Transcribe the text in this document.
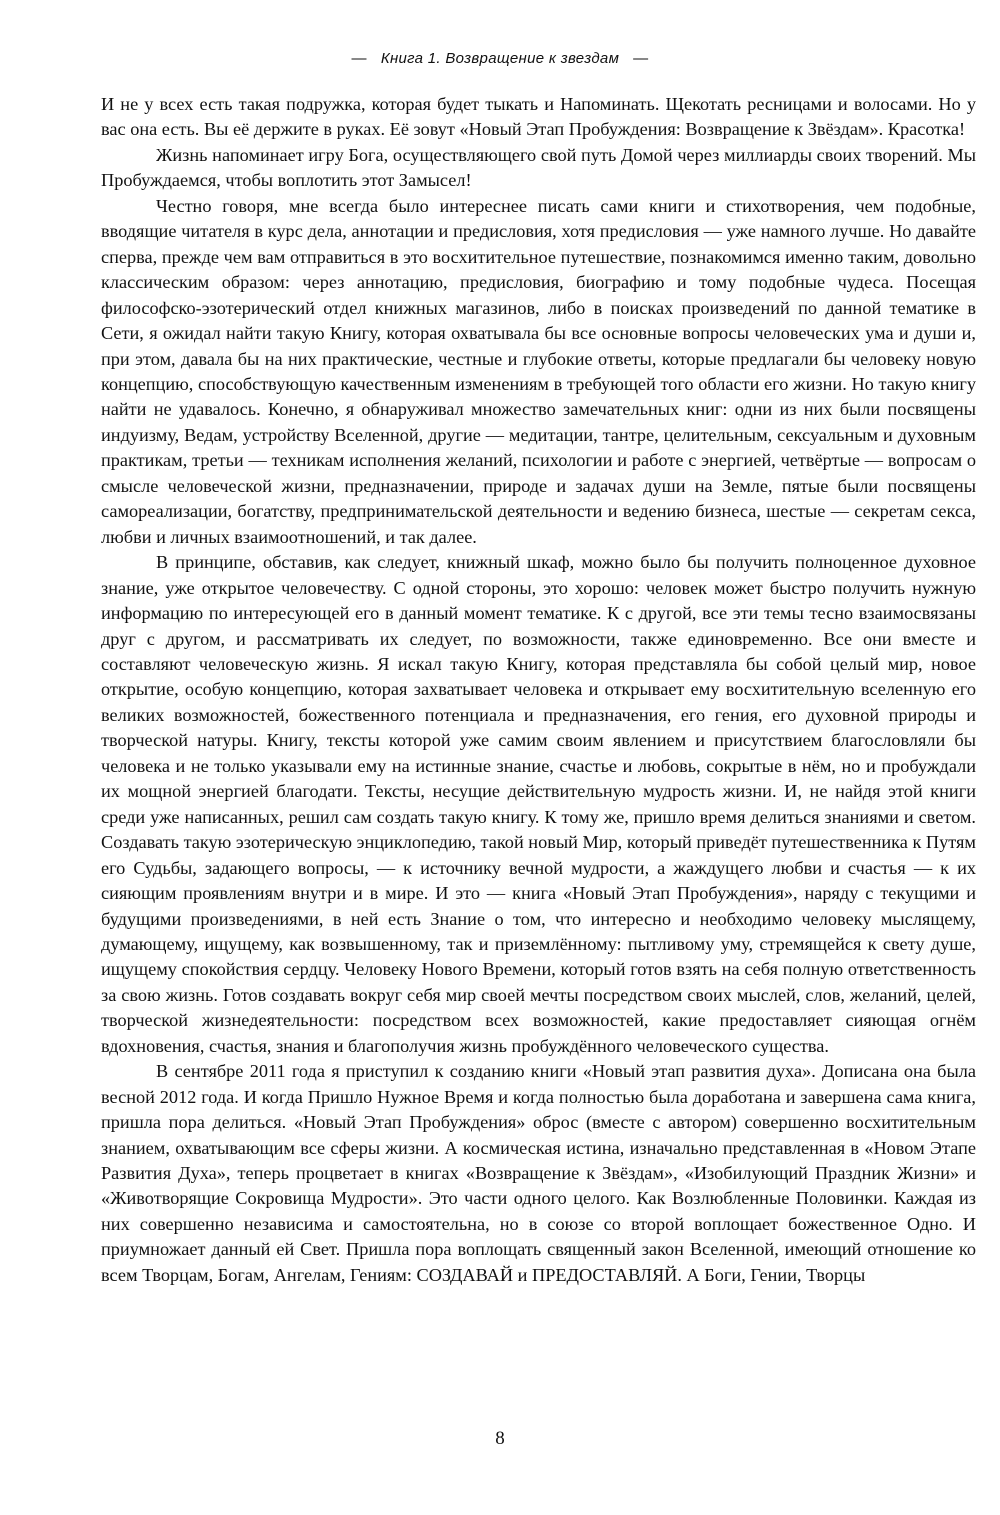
— Книга 1. Возвращение к звездам —

И не у всех есть такая подружка, которая будет тыкать и Напоминать. Щекотать ресницами и волосами. Но у вас она есть. Вы её держите в руках. Её зовут «Новый Этап Пробуждения: Возвращение к Звёздам». Красотка!

Жизнь напоминает игру Бога, осуществляющего свой путь Домой через миллиарды своих творений. Мы Пробуждаемся, чтобы воплотить этот Замысел!

Честно говоря, мне всегда было интереснее писать сами книги и стихотворения, чем подобные, вводящие читателя в курс дела, аннотации и предисловия, хотя предисловия — уже намного лучше. Но давайте сперва, прежде чем вам отправиться в это восхитительное путешествие, познакомимся именно таким, довольно классическим образом: через аннотацию, предисловия, биографию и тому подобные чудеса. Посещая философско-эзотерический отдел книжных магазинов, либо в поисках произведений по данной тематике в Сети, я ожидал найти такую Книгу, которая охватывала бы все основные вопросы человеческих ума и души и, при этом, давала бы на них практические, честные и глубокие ответы, которые предлагали бы человеку новую концепцию, способствующую качественным изменениям в требующей того области его жизни. Но такую книгу найти не удавалось. Конечно, я обнаруживал множество замечательных книг: одни из них были посвящены индуизму, Ведам, устройству Вселенной, другие — медитации, тантре, целительным, сексуальным и духовным практикам, третьи — техникам исполнения желаний, психологии и работе с энергией, четвёртые — вопросам о смысле человеческой жизни, предназначении, природе и задачах души на Земле, пятые были посвящены самореализации, богатству, предпринимательской деятельности и ведению бизнеса, шестые — секретам секса, любви и личных взаимоотношений, и так далее.

В принципе, обставив, как следует, книжный шкаф, можно было бы получить полноценное духовное знание, уже открытое человечеству. С одной стороны, это хорошо: человек может быстро получить нужную информацию по интересующей его в данный момент тематике. К с другой, все эти темы тесно взаимосвязаны друг с другом, и рассматривать их следует, по возможности, также единовременно. Все они вместе и составляют человеческую жизнь. Я искал такую Книгу, которая представляла бы собой целый мир, новое открытие, особую концепцию, которая захватывает человека и открывает ему восхитительную вселенную его великих возможностей, божественного потенциала и предназначения, его гения, его духовной природы и творческой натуры. Книгу, тексты которой уже самим своим явлением и присутствием благословляли бы человека и не только указывали ему на истинные знание, счастье и любовь, сокрытые в нём, но и пробуждали их мощной энергией благодати. Тексты, несущие действительную мудрость жизни. И, не найдя этой книги среди уже написанных, решил сам создать такую книгу. К тому же, пришло время делиться знаниями и светом. Создавать такую эзотерическую энциклопедию, такой новый Мир, который приведёт путешественника к Путям его Судьбы, задающего вопросы, — к источнику вечной мудрости, а жаждущего любви и счастья — к их сияющим проявлениям внутри и в мире. И это — книга «Новый Этап Пробуждения», наряду с текущими и будущими произведениями, в ней есть Знание о том, что интересно и необходимо человеку мыслящему, думающему, ищущему, как возвышенному, так и приземлённому: пытливому уму, стремящейся к свету душе, ищущему спокойствия сердцу. Человеку Нового Времени, который готов взять на себя полную ответственность за свою жизнь. Готов создавать вокруг себя мир своей мечты посредством своих мыслей, слов, желаний, целей, творческой жизнедеятельности: посредством всех возможностей, какие предоставляет сияющая огнём вдохновения, счастья, знания и благополучия жизнь пробуждённого человеческого существа.

В сентябре 2011 года я приступил к созданию книги «Новый этап развития духа». Дописана она была весной 2012 года. И когда Пришло Нужное Время и когда полностью была доработана и завершена сама книга, пришла пора делиться. «Новый Этап Пробуждения» оброс (вместе с автором) совершенно восхитительным знанием, охватывающим все сферы жизни. А космическая истина, изначально представленная в «Новом Этапе Развития Духа», теперь процветает в книгах «Возвращение к Звёздам», «Изобилующий Праздник Жизни» и «Животворящие Сокровища Мудрости». Это части одного целого. Как Возлюбленные Половинки. Каждая из них совершенно независима и самостоятельна, но в союзе со второй воплощает божественное Одно. И приумножает данный ей Свет. Пришла пора воплощать священный закон Вселенной, имеющий отношение ко всем Творцам, Богам, Ангелам, Гениям: СОЗДАВАЙ и ПРЕДОСТАВЛЯЙ. А Боги, Гении, Творцы

8
